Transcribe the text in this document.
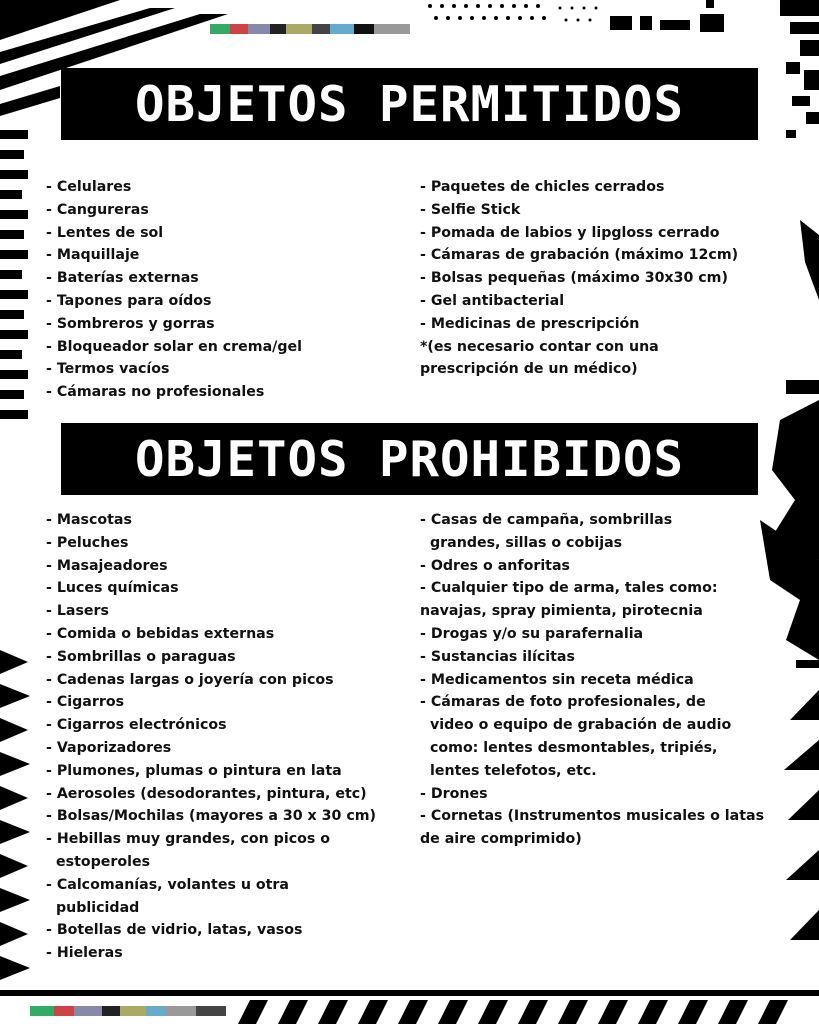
OBJETOS PERMITIDOS
- Celulares
- Cangureras
- Lentes de sol
- Maquillaje
- Baterías externas
- Tapones para oídos
- Sombreros y gorras
- Bloqueador solar en crema/gel
- Termos vacíos
- Cámaras no profesionales
- Paquetes de chicles cerrados
- Selfie Stick
- Pomada de labios y lipgloss cerrado
- Cámaras de grabación (máximo 12cm)
- Bolsas pequeñas (máximo 30x30 cm)
- Gel antibacterial
- Medicinas de prescripción
*(es necesario contar con una
prescripción de un médico)
OBJETOS PROHIBIDOS
- Mascotas
- Peluches
- Masajeadores
- Luces químicas
- Lasers
- Comida o bebidas externas
- Sombrillas o paraguas
- Cadenas largas o joyería con picos
- Cigarros
- Cigarros electrónicos
- Vaporizadores
- Plumones, plumas o pintura en lata
- Aerosoles (desodorantes, pintura, etc)
- Bolsas/Mochilas (mayores a 30 x 30 cm)
- Hebillas muy grandes, con picos o
estoperoles
- Calcomanías, volantes u otra
publicidad
- Botellas de vidrio, latas, vasos
- Hieleras
- Casas de campaña, sombrillas
grandes, sillas o cobijas
- Odres o anforitas
- Cualquier tipo de arma, tales como:
navajas, spray pimienta, pirotecnia
- Drogas y/o su parafernalia
- Sustancias ilícitas
- Medicamentos sin receta médica
- Cámaras de foto profesionales, de
video o equipo de grabación de audio
como: lentes desmontables, tripiés,
lentes telefotos, etc.
- Drones
- Cornetas (Instrumentos musicales o latas
de aire comprimido)
